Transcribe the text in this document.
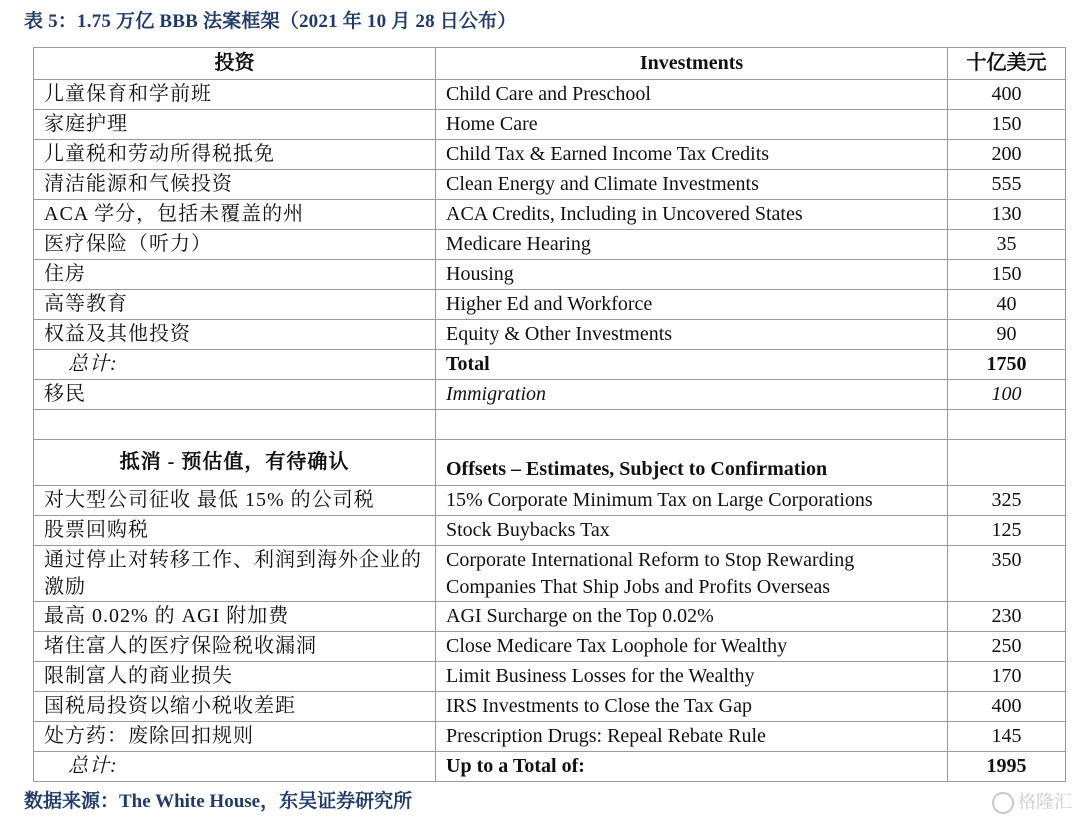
表 5：1.75 万亿 BBB 法案框架（2021 年 10 月 28 日公布）
投资	Investments	十亿美元
儿童保育和学前班	Child Care and Preschool	400
家庭护理	Home Care	150
儿童税和劳动所得税抵免	Child Tax & Earned Income Tax Credits	200
清洁能源和气候投资	Clean Energy and Climate Investments	555
ACA 学分，包括未覆盖的州	ACA Credits, Including in Uncovered States	130
医疗保险（听力）	Medicare Hearing	35
住房	Housing	150
高等教育	Higher Ed and Workforce	40
权益及其他投资	Equity & Other Investments	90
总计:	Total	1750
移民	Immigration	100

抵消 - 预估值，有待确认	Offsets – Estimates, Subject to Confirmation	
对大型公司征收 最低 15% 的公司税	15% Corporate Minimum Tax on Large Corporations	325
股票回购税	Stock Buybacks Tax	125
通过停止对转移工作、利润到海外企业的激励	Corporate International Reform to Stop Rewarding Companies That Ship Jobs and Profits Overseas	350
最高 0.02% 的 AGI 附加费	AGI Surcharge on the Top 0.02%	230
堵住富人的医疗保险税收漏洞	Close Medicare Tax Loophole for Wealthy	250
限制富人的商业损失	Limit Business Losses for the Wealthy	170
国税局投资以缩小税收差距	IRS Investments to Close the Tax Gap	400
处方药：废除回扣规则	Prescription Drugs: Repeal Rebate Rule	145
总计:	Up to a Total of:	1995
数据来源：The White House，东吴证券研究所	格隆汇
